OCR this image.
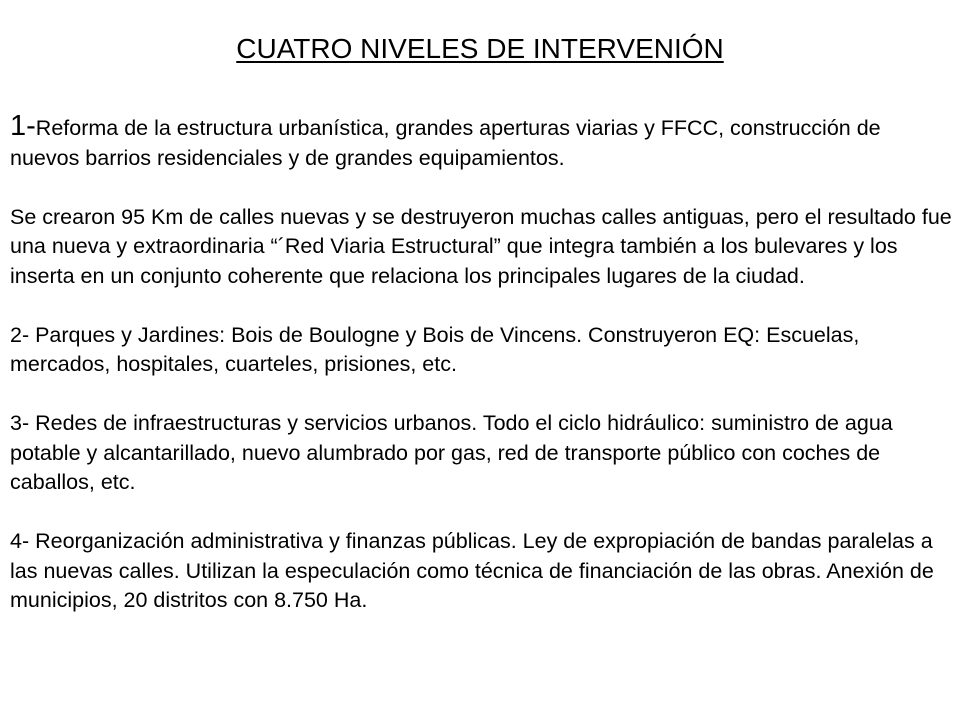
CUATRO NIVELES DE INTERVENIÓN

1-Reforma de la estructura urbanística, grandes aperturas viarias y FFCC, construcción de nuevos barrios residenciales y de grandes equipamientos.

Se crearon 95 Km de calles nuevas y se destruyeron muchas calles antiguas, pero el resultado fue una nueva y extraordinaria “´Red Viaria Estructural” que integra también a los bulevares y los inserta en un conjunto coherente que relaciona los principales lugares de la ciudad.

2- Parques y Jardines: Bois de Boulogne y Bois de Vincens. Construyeron EQ: Escuelas, mercados, hospitales, cuarteles, prisiones, etc.

3- Redes de infraestructuras y servicios urbanos. Todo el ciclo hidráulico: suministro de agua potable y alcantarillado, nuevo alumbrado por gas, red de transporte público con coches de caballos, etc.

4- Reorganización administrativa y finanzas públicas. Ley de expropiación de bandas paralelas a las nuevas calles. Utilizan la especulación como técnica de financiación de las obras. Anexión de municipios, 20 distritos con 8.750 Ha.
